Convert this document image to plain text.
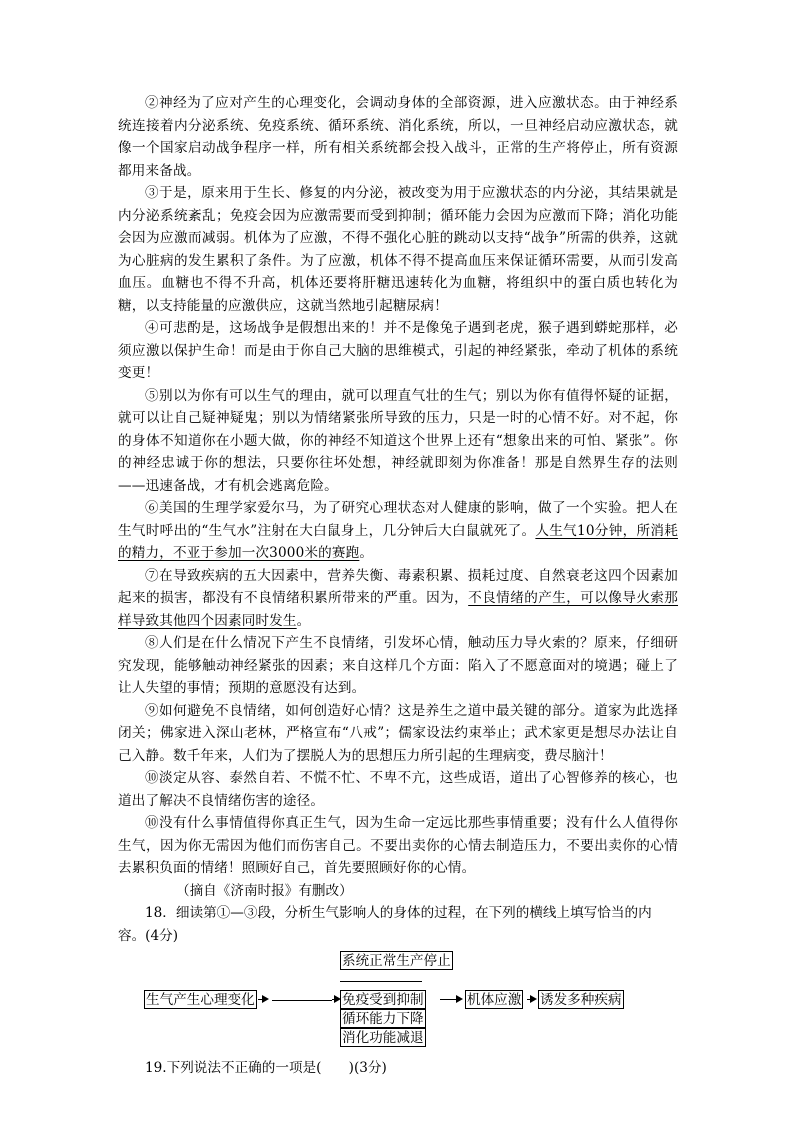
②神经为了应对产生的心理变化，会调动身体的全部资源，进入应激状态。由于神经系统连接着内分泌系统、免疫系统、循环系统、消化系统，所以，一旦神经启动应激状态，就像一个国家启动战争程序一样，所有相关系统都会投入战斗，正常的生产将停止，所有资源都用来备战。

③于是，原来用于生长、修复的内分泌，被改变为用于应激状态的内分泌，其结果就是内分泌系统紊乱；免疫会因为应激需要而受到抑制；循环能力会因为应激而下降；消化功能会因为应激而减弱。机体为了应激，不得不强化心脏的跳动以支持“战争”所需的供养，这就为心脏病的发生累积了条件。为了应激，机体不得不提高血压来保证循环需要，从而引发高血压。血糖也不得不升高，机体还要将肝糖迅速转化为血糖，将组织中的蛋白质也转化为糖，以支持能量的应激供应，这就当然地引起糖尿病！

④可悲酌是，这场战争是假想出来的！并不是像兔子遇到老虎，猴子遇到蟒蛇那样，必须应激以保护生命！而是由于你自己大脑的思维模式，引起的神经紧张，牵动了机体的系统变更！

⑤别以为你有可以生气的理由，就可以理直气壮的生气；别以为你有值得怀疑的证据，就可以让自己疑神疑鬼；别以为情绪紧张所导致的压力，只是一时的心情不好。对不起，你的身体不知道你在小题大做，你的神经不知道这个世界上还有“想象出来的可怕、紧张”。你的神经忠诚于你的想法，只要你往坏处想，神经就即刻为你准备！那是自然界生存的法则——迅速备战，才有机会逃离危险。

⑥美国的生理学家爱尔马，为了研究心理状态对人健康的影响，做了一个实验。把人在生气时呼出的“生气水”注射在大白鼠身上，几分钟后大白鼠就死了。人生气10分钟，所消耗的精力，不亚于参加一次3000米的赛跑。

⑦在导致疾病的五大因素中，营养失衡、毒素积累、损耗过度、自然衰老这四个因素加起来的损害，都没有不良情绪积累所带来的严重。因为，不良情绪的产生，可以像导火索那样导致其他四个因素同时发生。

⑧人们是在什么情况下产生不良情绪，引发坏心情，触动压力导火索的？原来，仔细研究发现，能够触动神经紧张的因素；来自这样几个方面：陷入了不愿意面对的境遇；碰上了让人失望的事情；预期的意愿没有达到。

⑨如何避免不良情绪，如何创造好心情？这是养生之道中最关键的部分。道家为此选择闭关；佛家进入深山老林，严格宣布“八戒”；儒家设法约束举止；武术家更是想尽办法让自己入静。数千年来，人们为了摆脱人为的思想压力所引起的生理病变，费尽脑汁！

⑩淡定从容、泰然自若、不慌不忙、不卑不亢，这些成语，道出了心智修养的核心，也道出了解决不良情绪伤害的途径。

⑩没有什么事情值得你真正生气，因为生命一定远比那些事情重要；没有什么人值得你生气，因为你无需因为他们而伤害自己。不要出卖你的心情去制造压力，不要出卖你的心情去累积负面的情绪！照顾好自己，首先要照顾好你的心情。

（摘自《济南时报》有删改）

18．细读第①—③段，分析生气影响人的身体的过程，在下列的横线上填写恰当的内容。(4分)

系统正常生产停止
生气产生心理变化	免疫受到抑制
循环能力下降
消化功能减退
机体应激 诱发多种疾病

19.下列说法不正确的一项是(　　)(3分)
